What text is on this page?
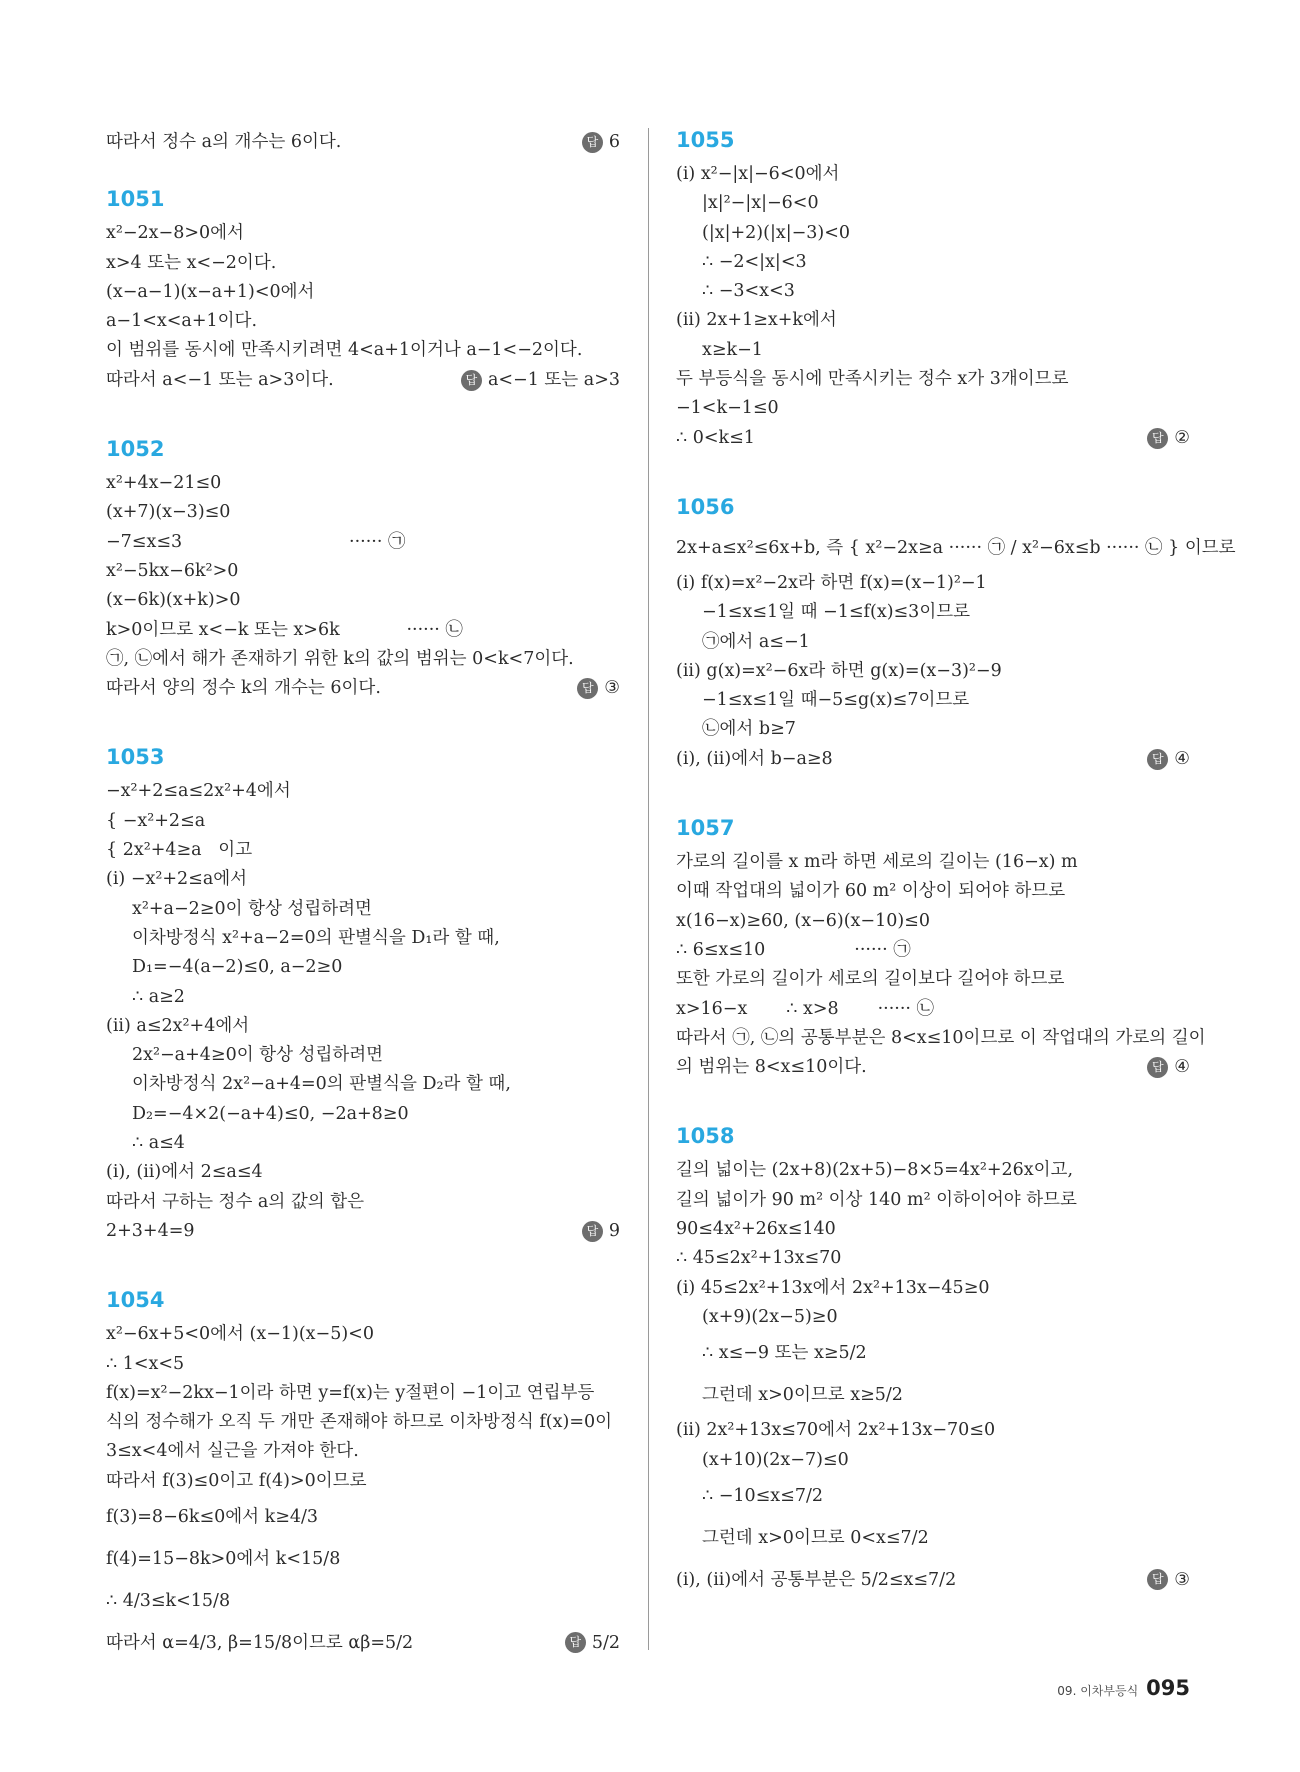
따라서 정수 a의 개수는 6이다.	답 6
1051
x²−2x−8>0에서
x>4 또는 x<−2이다.
(x−a−1)(x−a+1)<0에서
a−1<x<a+1이다.
이 범위를 동시에 만족시키려면 4<a+1이거나 a−1<−2이다.
따라서 a<−1 또는 a>3이다.	답 a<−1 또는 a>3
1052
x²+4x−21≤0
(x+7)(x−3)≤0
−7≤x≤3                              ······ ㉠
x²−5kx−6k²>0
(x−6k)(x+k)>0
k>0이므로 x<−k 또는 x>6k            ······ ㉡
㉠, ㉡에서 해가 존재하기 위한 k의 값의 범위는 0<k<7이다.
따라서 양의 정수 k의 개수는 6이다.	답 ③
1053
−x²+2≤a≤2x²+4에서
{ −x²+2≤a
{ 2x²+4≥a   이고
(i) −x²+2≤a에서
x²+a−2≥0이 항상 성립하려면
이차방정식 x²+a−2=0의 판별식을 D₁라 할 때,
D₁=−4(a−2)≤0, a−2≥0
∴ a≥2
(ii) a≤2x²+4에서
2x²−a+4≥0이 항상 성립하려면
이차방정식 2x²−a+4=0의 판별식을 D₂라 할 때,
D₂=−4×2(−a+4)≤0, −2a+8≥0
∴ a≤4
(i), (ii)에서 2≤a≤4
따라서 구하는 정수 a의 값의 합은
2+3+4=9	답 9
1054
x²−6x+5<0에서 (x−1)(x−5)<0
∴ 1<x<5
f(x)=x²−2kx−1이라 하면 y=f(x)는 y절편이 −1이고 연립부등
식의 정수해가 오직 두 개만 존재해야 하므로 이차방정식 f(x)=0이
3≤x<4에서 실근을 가져야 한다.
따라서 f(3)≤0이고 f(4)>0이므로
f(3)=8−6k≤0에서 k≥4/3
f(4)=15−8k>0에서 k<15/8
∴ 4/3≤k<15/8
따라서 α=4/3, β=15/8이므로 αβ=5/2	답 5/2
1055
(i) x²−|x|−6<0에서
|x|²−|x|−6<0
(|x|+2)(|x|−3)<0
∴ −2<|x|<3
∴ −3<x<3
(ii) 2x+1≥x+k에서
x≥k−1
두 부등식을 동시에 만족시키는 정수 x가 3개이므로
−1<k−1≤0
∴ 0<k≤1	답 ②
1056
2x+a≤x²≤6x+b, 즉 { x²−2x≥a ······ ㉠ / x²−6x≤b ······ ㉡ } 이므로
(i) f(x)=x²−2x라 하면 f(x)=(x−1)²−1
−1≤x≤1일 때 −1≤f(x)≤3이므로
㉠에서 a≤−1
(ii) g(x)=x²−6x라 하면 g(x)=(x−3)²−9
−1≤x≤1일 때−5≤g(x)≤7이므로
㉡에서 b≥7
(i), (ii)에서 b−a≥8	답 ④
1057
가로의 길이를 x m라 하면 세로의 길이는 (16−x) m
이때 작업대의 넓이가 60 m² 이상이 되어야 하므로
x(16−x)≥60, (x−6)(x−10)≤0
∴ 6≤x≤10                ······ ㉠
또한 가로의 길이가 세로의 길이보다 길어야 하므로
x>16−x       ∴ x>8       ······ ㉡
따라서 ㉠, ㉡의 공통부분은 8<x≤10이므로 이 작업대의 가로의 길이
의 범위는 8<x≤10이다.	답 ④
1058
길의 넓이는 (2x+8)(2x+5)−8×5=4x²+26x이고,
길의 넓이가 90 m² 이상 140 m² 이하이어야 하므로
90≤4x²+26x≤140
∴ 45≤2x²+13x≤70
(i) 45≤2x²+13x에서 2x²+13x−45≥0
(x+9)(2x−5)≥0
∴ x≤−9 또는 x≥5/2
그런데 x>0이므로 x≥5/2
(ii) 2x²+13x≤70에서 2x²+13x−70≤0
(x+10)(2x−7)≤0
∴ −10≤x≤7/2
그런데 x>0이므로 0<x≤7/2
(i), (ii)에서 공통부분은 5/2≤x≤7/2	답 ③
09. 이차부등식 095
